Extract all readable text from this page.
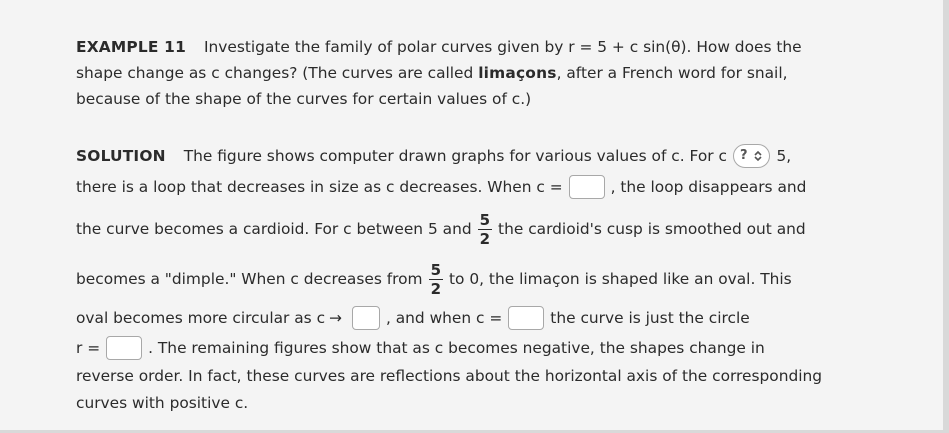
EXAMPLE 11 Investigate the family of polar curves given by r = 5 + c sin(θ). How does the
shape change as c changes? (The curves are called limaçons, after a French word for snail,
because of the shape of the curves for certain values of c.)
SOLUTION The figure shows computer drawn graphs for various values of c. For c ? 5,
there is a loop that decreases in size as c decreases. When c =	, the loop disappears and
the curve becomes a cardioid. For c between 5 and $\frac{5}{2}$ the cardioid's cusp is smoothed out and
becomes a "dimple." When c decreases from $\frac{5}{2}$ to 0, the limaçon is shaped like an oval. This
oval becomes more circular as c →	, and when c =	the curve is just the circle
r =	. The remaining figures show that as c becomes negative, the shapes change in
reverse order. In fact, these curves are reflections about the horizontal axis of the corresponding
curves with positive c.
